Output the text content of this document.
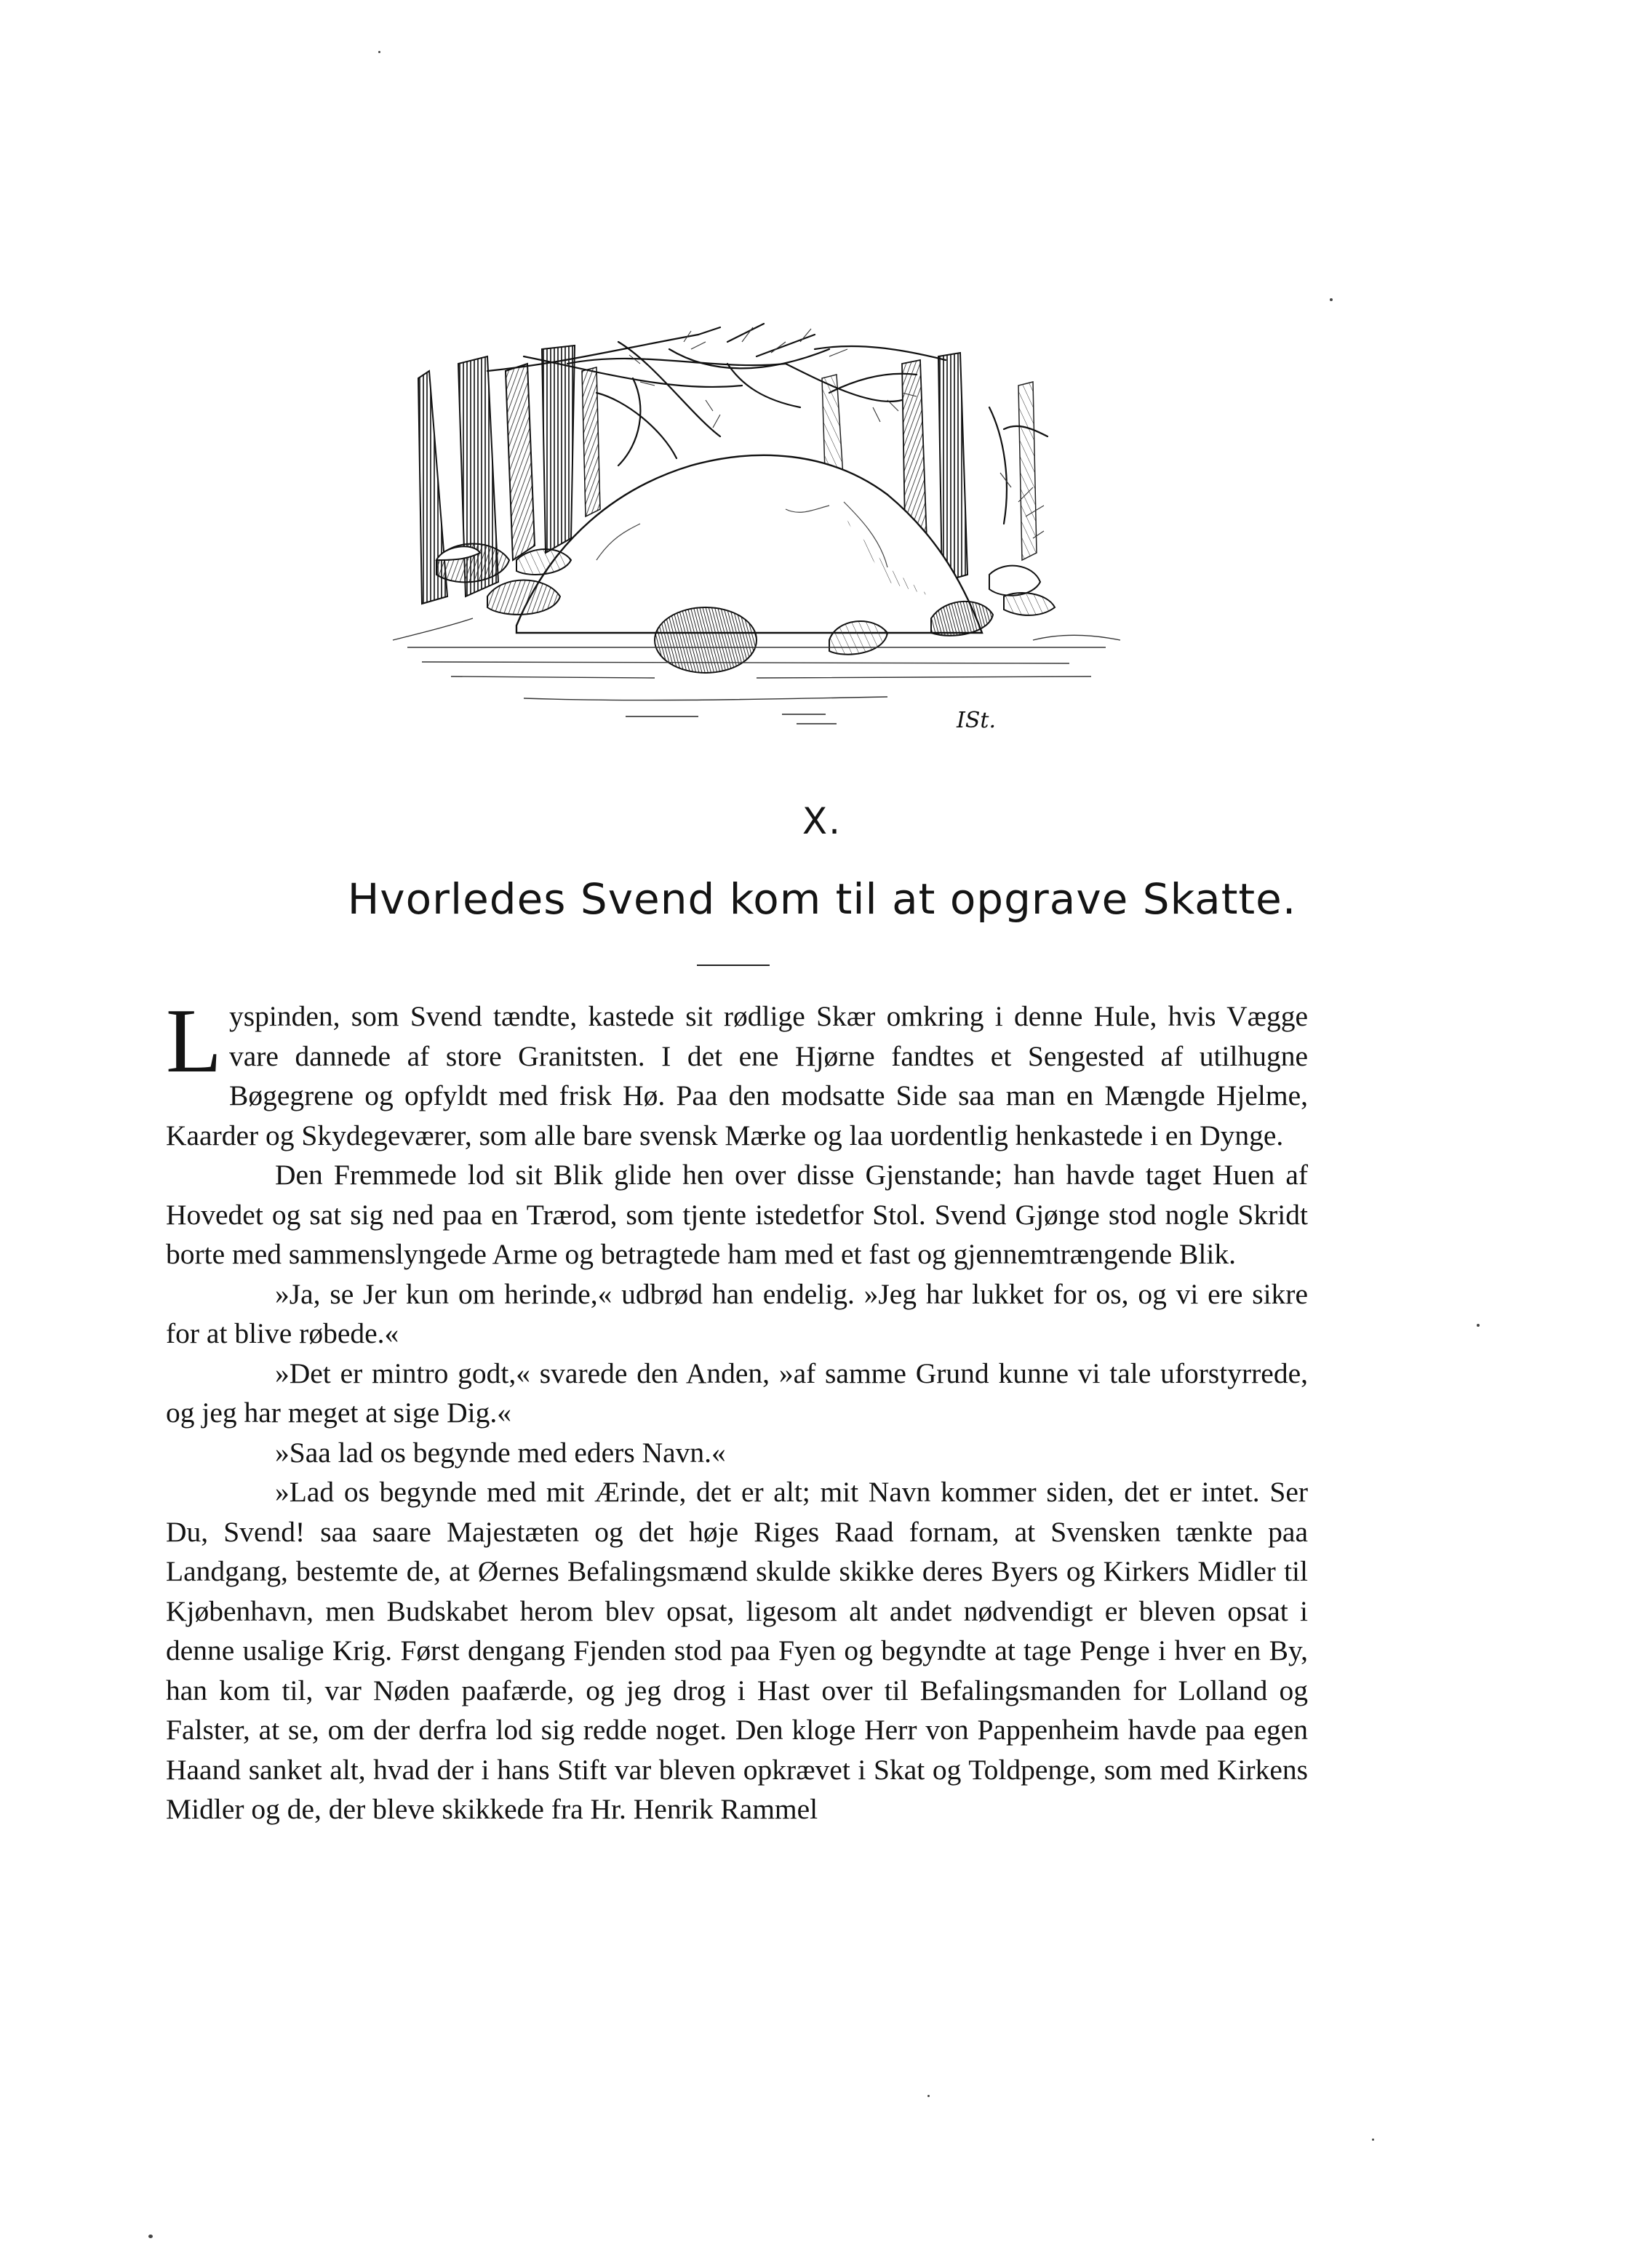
ISt.
X.
Hvorledes Svend kom til at opgrave Skatte.

Lyspinden, som Svend tændte, kastede sit rødlige Skær omkring i denne Hule, hvis Vægge vare dannede af store Granitsten. I det ene Hjørne fandtes et Sengested af utilhugne Bøgegrene og opfyldt med frisk Hø. Paa den modsatte Side saa man en Mængde Hjelme, Kaarder og Skydegeværer, som alle bare svensk Mærke og laa uordentlig henkastede i en Dynge.

Den Fremmede lod sit Blik glide hen over disse Gjenstande; han havde taget Huen af Hovedet og sat sig ned paa en Trærod, som tjente istedetfor Stol. Svend Gjønge stod nogle Skridt borte med sammenslyngede Arme og betragtede ham med et fast og gjennemtrængende Blik.

»Ja, se Jer kun om herinde,« udbrød han endelig. »Jeg har lukket for os, og vi ere sikre for at blive røbede.«

»Det er mintro godt,« svarede den Anden, »af samme Grund kunne vi tale uforstyrrede, og jeg har meget at sige Dig.«

»Saa lad os begynde med eders Navn.«

»Lad os begynde med mit Ærinde, det er alt; mit Navn kommer siden, det er intet. Ser Du, Svend! saa saare Majestæten og det høje Riges Raad fornam, at Svensken tænkte paa Landgang, bestemte de, at Øernes Befalingsmænd skulde skikke deres Byers og Kirkers Midler til Kjøbenhavn, men Budskabet herom blev opsat, ligesom alt andet nødvendigt er bleven opsat i denne usalige Krig. Først dengang Fjenden stod paa Fyen og begyndte at tage Penge i hver en By, han kom til, var Nøden paafærde, og jeg drog i Hast over til Befalingsmanden for Lolland og Falster, at se, om der derfra lod sig redde noget. Den kloge Herr von Pappenheim havde paa egen Haand sanket alt, hvad der i hans Stift var bleven opkrævet i Skat og Toldpenge, som med Kirkens Midler og de, der bleve skikkede fra Hr. Henrik Rammel
